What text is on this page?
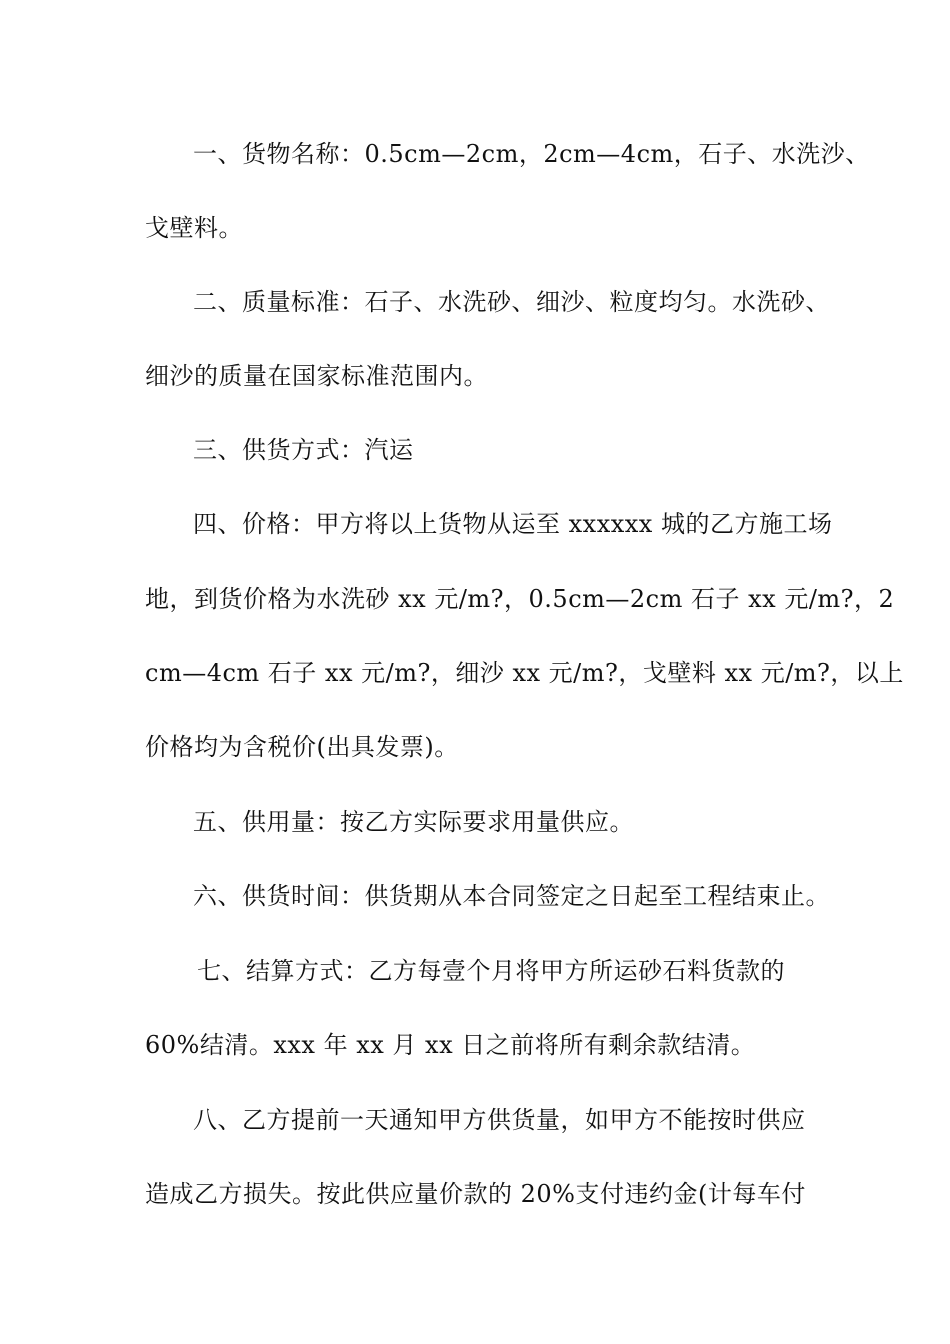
一、货物名称：0.5cm—2cm，2cm—4cm，石子、水洗沙、
戈壁料。
二、质量标准：石子、水洗砂、细沙、粒度均匀。水洗砂、
细沙的质量在国家标准范围内。
三、供货方式：汽运
四、价格：甲方将以上货物从运至 xxxxxx 城的乙方施工场
地，到货价格为水洗砂 xx 元/m?，0.5cm—2cm 石子 xx 元/m?，2
cm—4cm 石子 xx 元/m?，细沙 xx 元/m?，戈壁料 xx 元/m?，以上
价格均为含税价(出具发票)。
五、供用量：按乙方实际要求用量供应。
六、供货时间：供货期从本合同签定之日起至工程结束止。
七、结算方式：乙方每壹个月将甲方所运砂石料货款的
60%结清。xxx 年 xx 月 xx 日之前将所有剩余款结清。
八、乙方提前一天通知甲方供货量，如甲方不能按时供应
造成乙方损失。按此供应量价款的 20%支付违约金(计每车付
